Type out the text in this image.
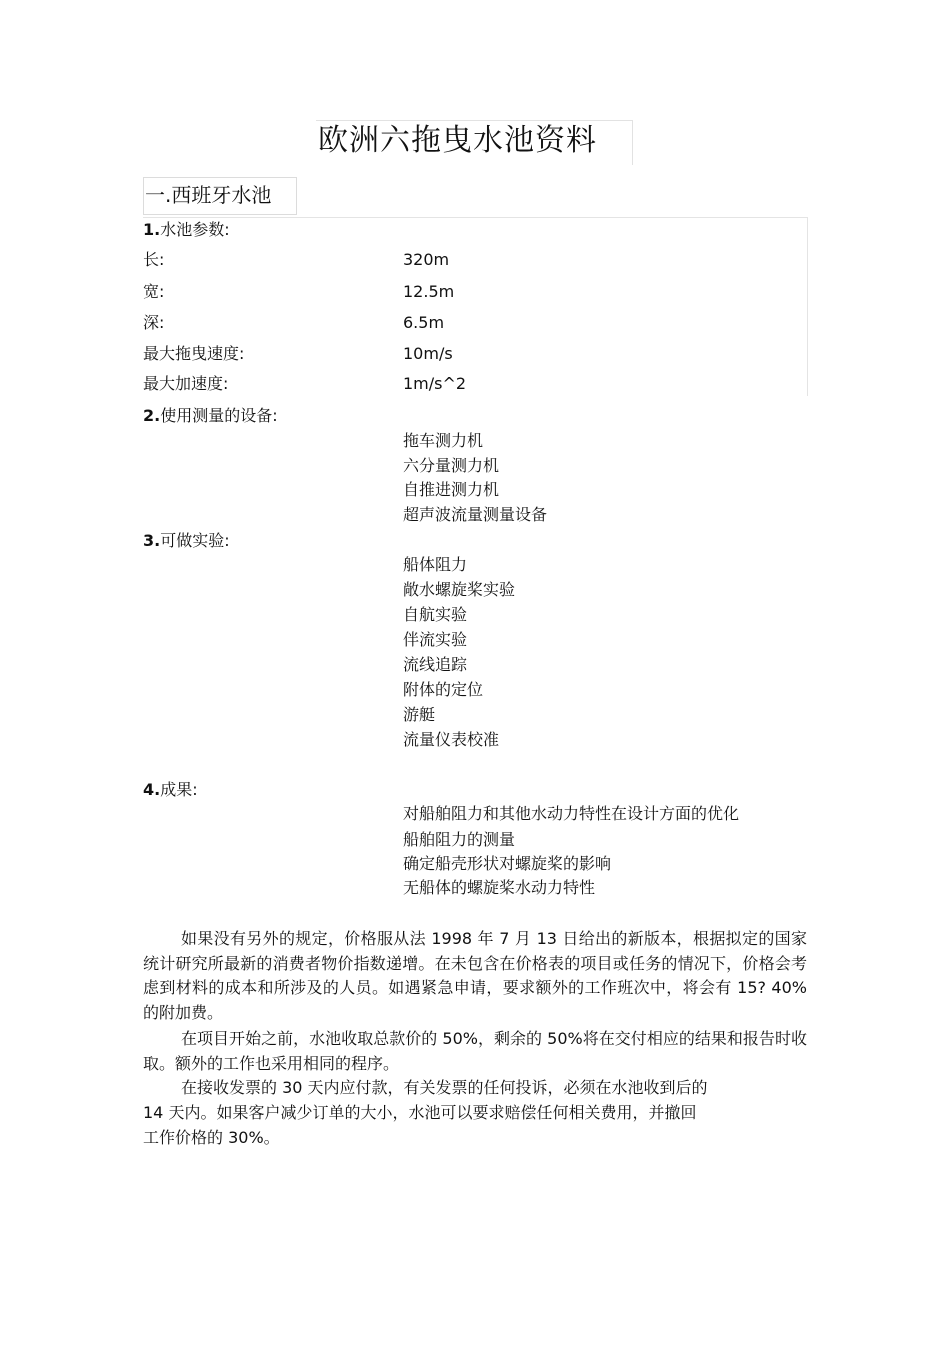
欧洲六拖曳水池资料
一.西班牙水池
1.水池参数:
长:	320m
宽:	12.5m
深:	6.5m
最大拖曳速度:	10m/s
最大加速度:	1m/s^2
2.使用测量的设备:
拖车测力机
六分量测力机
自推进测力机
超声波流量测量设备
3.可做实验:
船体阻力
敞水螺旋桨实验
自航实验
伴流实验
流线追踪
附体的定位
游艇
流量仪表校准
4.成果:
对船舶阻力和其他水动力特性在设计方面的优化
船舶阻力的测量
确定船壳形状对螺旋桨的影响
无船体的螺旋桨水动力特性
如果没有另外的规定，价格服从法 1998 年 7 月 13 日给出的新版本，根据拟定的国家统计研究所最新的消费者物价指数递增。在未包含在价格表的项目或任务的情况下，价格会考虑到材料的成本和所涉及的人员。如遇紧急申请，要求额外的工作班次中，将会有 15? 40%的附加费。
在项目开始之前，水池收取总款价的 50%，剩余的 50%将在交付相应的结果和报告时收取。额外的工作也采用相同的程序。
在接收发票的 30 天内应付款，有关发票的任何投诉，必须在水池收到后的
14 天内。如果客户减少订单的大小，水池可以要求赔偿任何相关费用，并撤回
工作价格的 30%。
